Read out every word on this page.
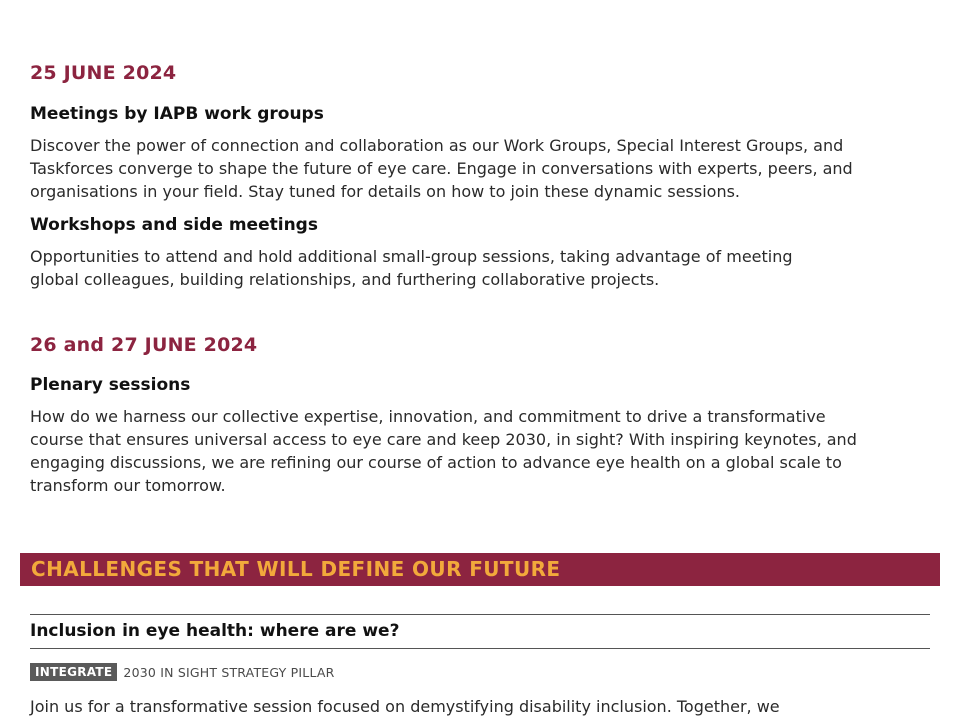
25 JUNE 2024
Meetings by IAPB work groups

Discover the power of connection and collaboration as our Work Groups, Special Interest Groups, and
Taskforces converge to shape the future of eye care. Engage in conversations with experts, peers, and
organisations in your field. Stay tuned for details on how to join these dynamic sessions.

Workshops and side meetings

Opportunities to attend and hold additional small-group sessions, taking advantage of meeting
global colleagues, building relationships, and furthering collaborative projects.

26 and 27 JUNE 2024
Plenary sessions

How do we harness our collective expertise, innovation, and commitment to drive a transformative
course that ensures universal access to eye care and keep 2030, in sight? With inspiring keynotes, and
engaging discussions, we are refining our course of action to advance eye health on a global scale to
transform our tomorrow.

CHALLENGES THAT WILL DEFINE OUR FUTURE
Inclusion in eye health: where are we?
INTEGRATE 2030 IN SIGHT STRATEGY PILLAR

Join us for a transformative session focused on demystifying disability inclusion. Together, we
